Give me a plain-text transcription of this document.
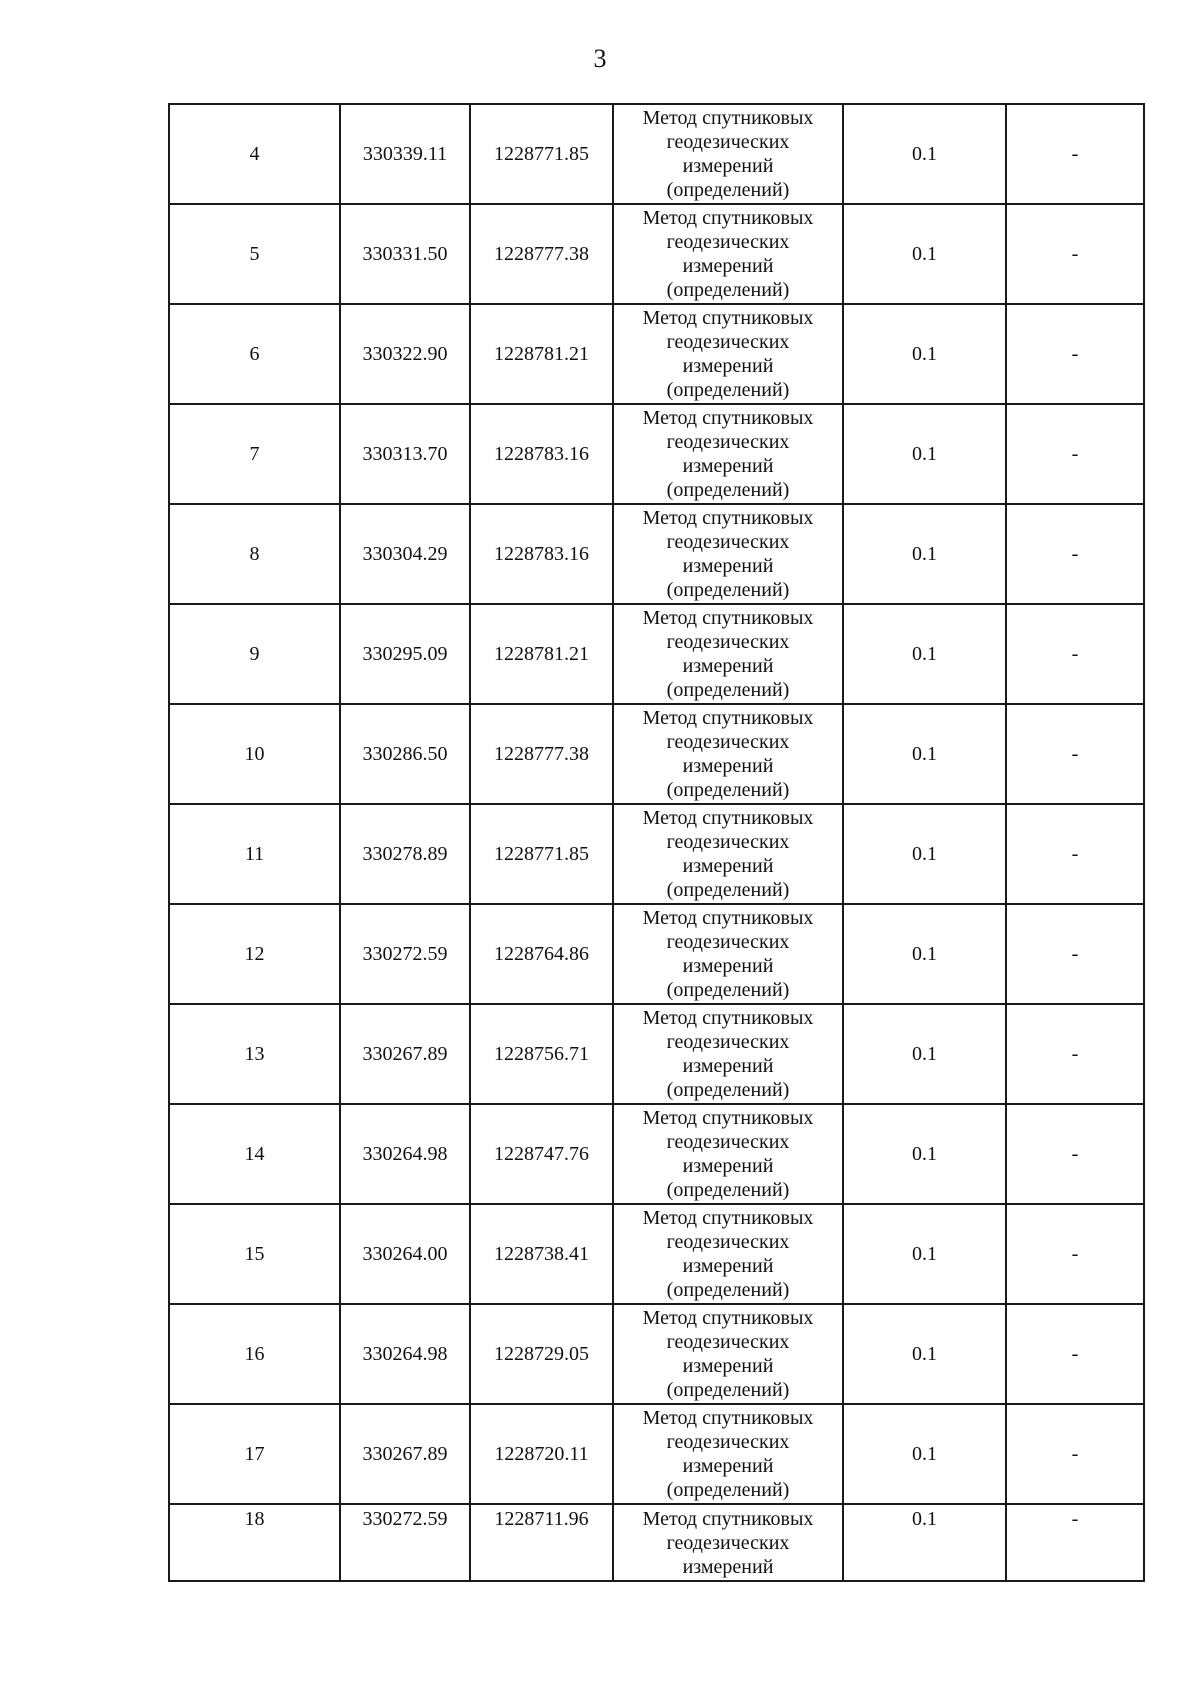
3
4	330339.11	1228771.85	Метод спутниковых
геодезических
измерений
(определений)	0.1	-
5	330331.50	1228777.38	Метод спутниковых
геодезических
измерений
(определений)	0.1	-
6	330322.90	1228781.21	Метод спутниковых
геодезических
измерений
(определений)	0.1	-
7	330313.70	1228783.16	Метод спутниковых
геодезических
измерений
(определений)	0.1	-
8	330304.29	1228783.16	Метод спутниковых
геодезических
измерений
(определений)	0.1	-
9	330295.09	1228781.21	Метод спутниковых
геодезических
измерений
(определений)	0.1	-
10	330286.50	1228777.38	Метод спутниковых
геодезических
измерений
(определений)	0.1	-
11	330278.89	1228771.85	Метод спутниковых
геодезических
измерений
(определений)	0.1	-
12	330272.59	1228764.86	Метод спутниковых
геодезических
измерений
(определений)	0.1	-
13	330267.89	1228756.71	Метод спутниковых
геодезических
измерений
(определений)	0.1	-
14	330264.98	1228747.76	Метод спутниковых
геодезических
измерений
(определений)	0.1	-
15	330264.00	1228738.41	Метод спутниковых
геодезических
измерений
(определений)	0.1	-
16	330264.98	1228729.05	Метод спутниковых
геодезических
измерений
(определений)	0.1	-
17	330267.89	1228720.11	Метод спутниковых
геодезических
измерений
(определений)	0.1	-
18	330272.59	1228711.96	Метод спутниковых
геодезических
измерений	0.1	-
